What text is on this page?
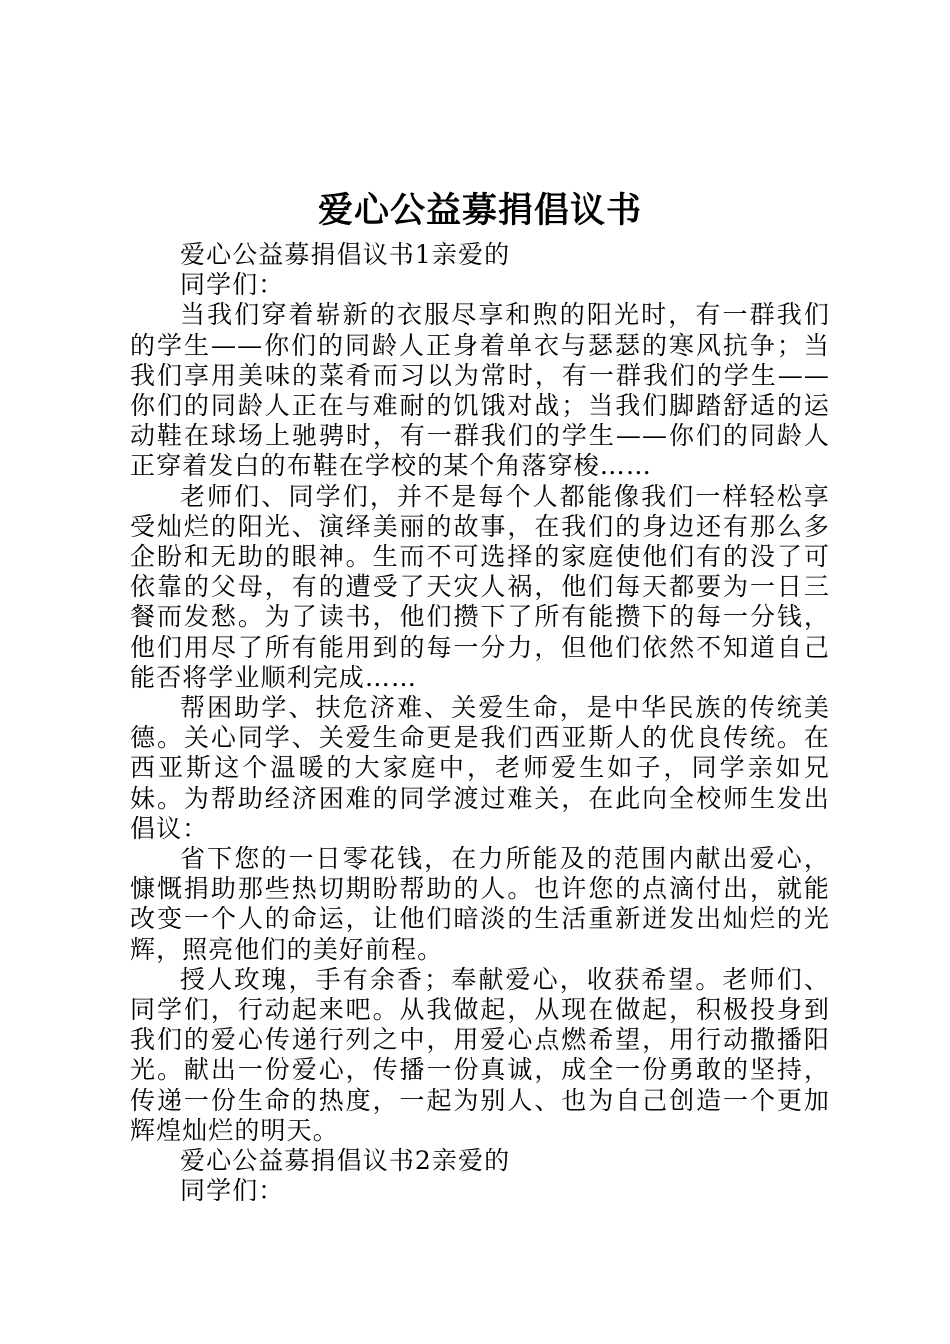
爱心公益募捐倡议书

爱心公益募捐倡议书1亲爱的

同学们：

当我们穿着崭新的衣服尽享和煦的阳光时，有一群我们的学生——你们的同龄人正身着单衣与瑟瑟的寒风抗争；当我们享用美味的菜肴而习以为常时，有一群我们的学生——你们的同龄人正在与难耐的饥饿对战；当我们脚踏舒适的运动鞋在球场上驰骋时，有一群我们的学生——你们的同龄人正穿着发白的布鞋在学校的某个角落穿梭……

老师们、同学们，并不是每个人都能像我们一样轻松享受灿烂的阳光、演绎美丽的故事，在我们的身边还有那么多企盼和无助的眼神。生而不可选择的家庭使他们有的没了可依靠的父母，有的遭受了天灾人祸，他们每天都要为一日三餐而发愁。为了读书，他们攒下了所有能攒下的每一分钱，他们用尽了所有能用到的每一分力，但他们依然不知道自己能否将学业顺利完成……

帮困助学、扶危济难、关爱生命，是中华民族的传统美德。关心同学、关爱生命更是我们西亚斯人的优良传统。在西亚斯这个温暖的大家庭中，老师爱生如子，同学亲如兄妹。为帮助经济困难的同学渡过难关，在此向全校师生发出倡议：

省下您的一日零花钱，在力所能及的范围内献出爱心，慷慨捐助那些热切期盼帮助的人。也许您的点滴付出，就能改变一个人的命运，让他们暗淡的生活重新迸发出灿烂的光辉，照亮他们的美好前程。

授人玫瑰，手有余香；奉献爱心，收获希望。老师们、同学们，行动起来吧。从我做起，从现在做起，积极投身到我们的爱心传递行列之中，用爱心点燃希望，用行动撒播阳光。献出一份爱心，传播一份真诚，成全一份勇敢的坚持，传递一份生命的热度，一起为别人、也为自己创造一个更加辉煌灿烂的明天。

爱心公益募捐倡议书2亲爱的

同学们：
